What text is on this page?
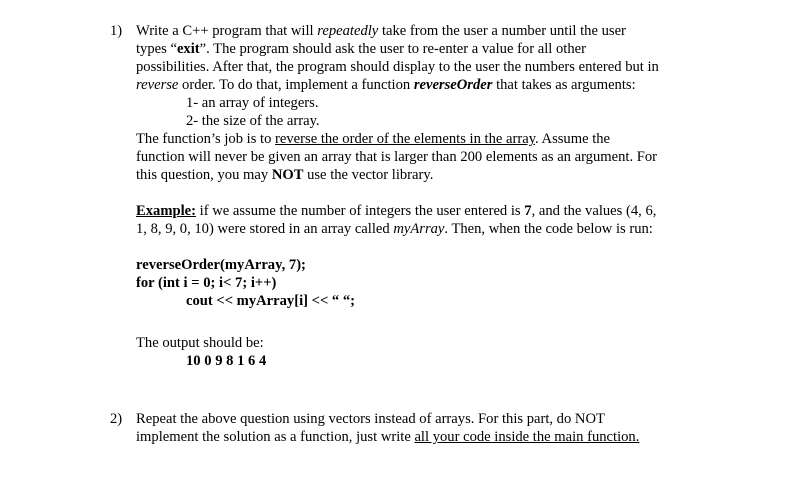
1) Write a C++ program that will repeatedly take from the user a number until the user
types “exit”. The program should ask the user to re-enter a value for all other
possibilities. After that, the program should display to the user the numbers entered but in
reverse order. To do that, implement a function reverseOrder that takes as arguments:
1- an array of integers.
2- the size of the array.
The function’s job is to reverse the order of the elements in the array. Assume the
function will never be given an array that is larger than 200 elements as an argument. For
this question, you may NOT use the vector library.
Example: if we assume the number of integers the user entered is 7, and the values (4, 6,
1, 8, 9, 0, 10) were stored in an array called myArray. Then, when the code below is run:
reverseOrder(myArray, 7);
for (int i = 0; i< 7; i++)
cout << myArray[i] << “ “;
The output should be:
10 0 9 8 1 6 4
2) Repeat the above question using vectors instead of arrays. For this part, do NOT
implement the solution as a function, just write all your code inside the main function.
